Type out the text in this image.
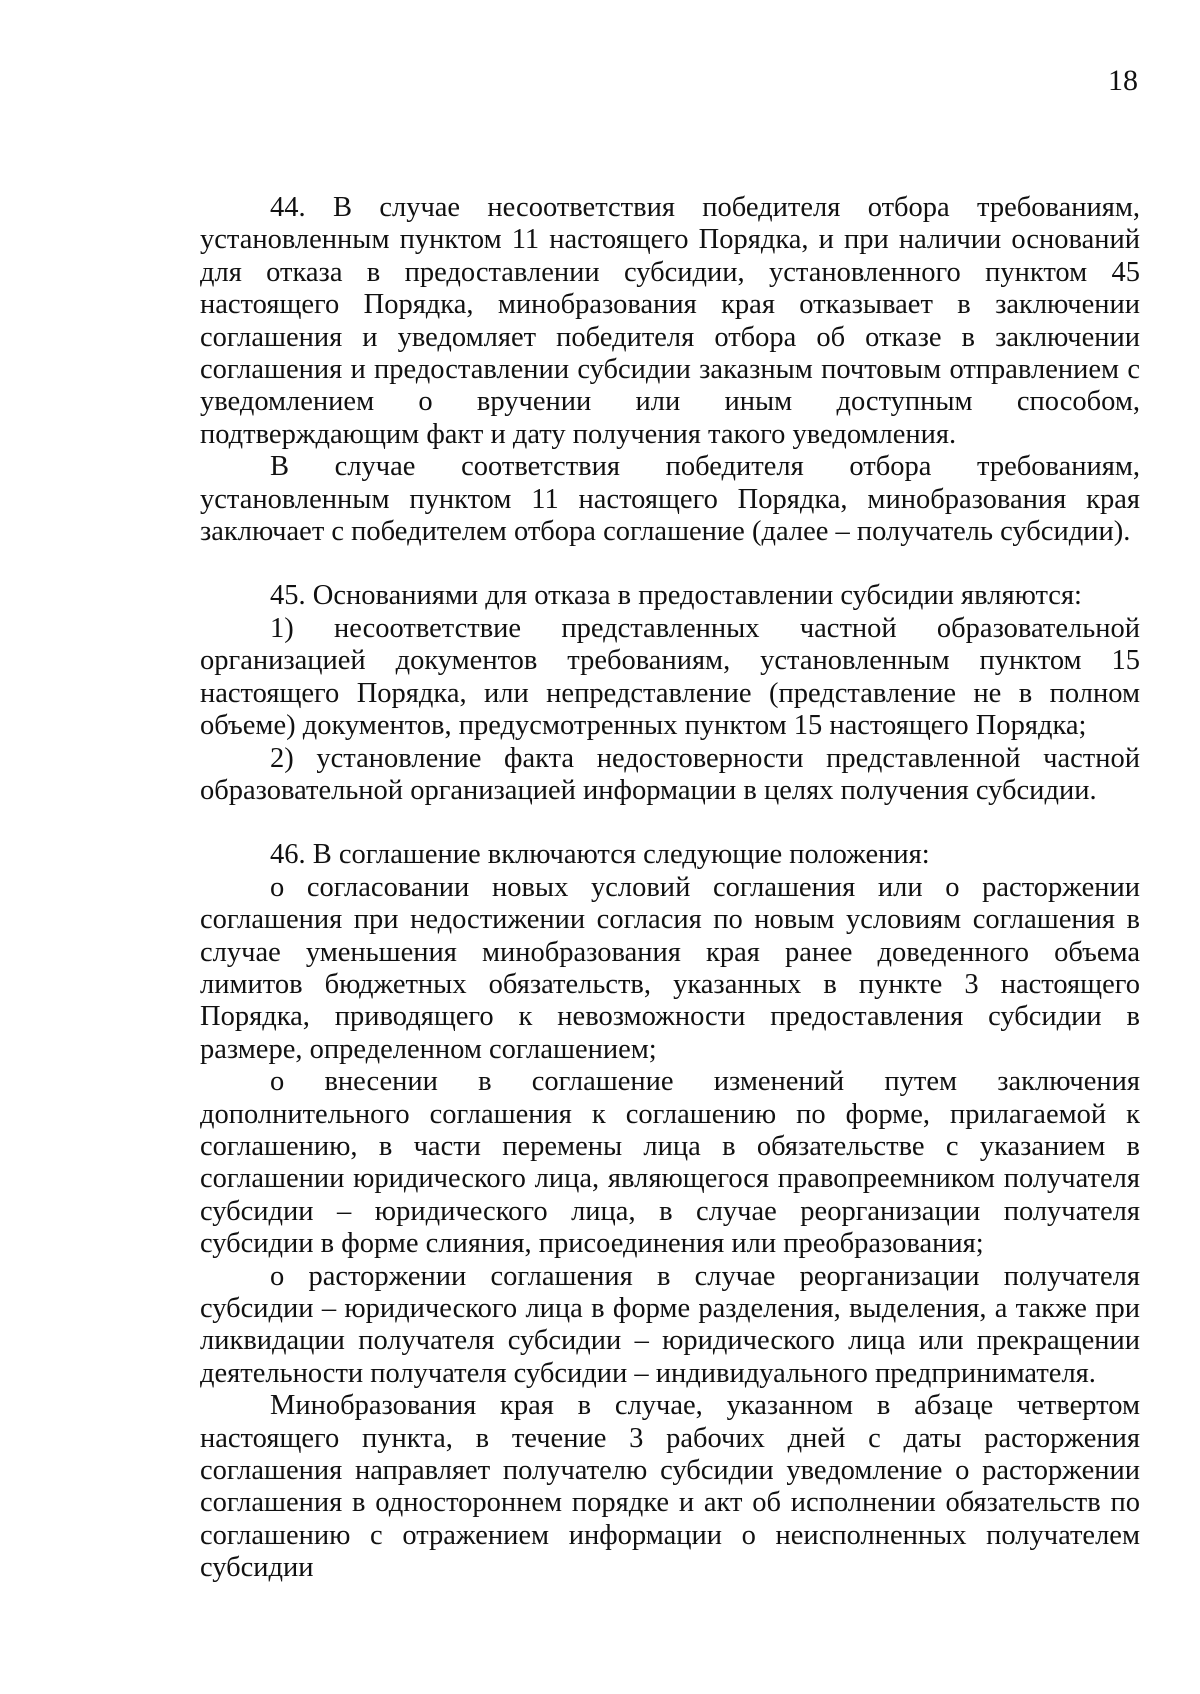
18

44. В случае несоответствия победителя отбора требованиям, установленным пунктом 11 настоящего Порядка, и при наличии оснований для отказа в предоставлении субсидии, установленного пунктом 45 настоящего Порядка, минобразования края отказывает в заключении соглашения и уведомляет победителя отбора об отказе в заключении соглашения и предоставлении субсидии заказным почтовым отправлением с уведомлением о вручении или иным доступным способом, подтверждающим факт и дату получения такого уведомления.

В случае соответствия победителя отбора требованиям, установленным пунктом 11 настоящего Порядка, минобразования края заключает с победителем отбора соглашение (далее – получатель субсидии).

45. Основаниями для отказа в предоставлении субсидии являются:

1) несоответствие представленных частной образовательной организацией документов требованиям, установленным пунктом 15 настоящего Порядка, или непредставление (представление не в полном объеме) документов, предусмотренных пунктом 15 настоящего Порядка;

2) установление факта недостоверности представленной частной образовательной организацией информации в целях получения субсидии.

46. В соглашение включаются следующие положения:

о согласовании новых условий соглашения или о расторжении соглашения при недостижении согласия по новым условиям соглашения в случае уменьшения минобразования края ранее доведенного объема лимитов бюджетных обязательств, указанных в пункте 3 настоящего Порядка, приводящего к невозможности предоставления субсидии в размере, определенном соглашением;

о внесении в соглашение изменений путем заключения дополнительного соглашения к соглашению по форме, прилагаемой к соглашению, в части перемены лица в обязательстве с указанием в соглашении юридического лица, являющегося правопреемником получателя субсидии – юридического лица, в случае реорганизации получателя субсидии в форме слияния, присоединения или преобразования;

о расторжении соглашения в случае реорганизации получателя субсидии – юридического лица в форме разделения, выделения, а также при ликвидации получателя субсидии – юридического лица или прекращении деятельности получателя субсидии – индивидуального предпринимателя.

Минобразования края в случае, указанном в абзаце четвертом настоящего пункта, в течение 3 рабочих дней с даты расторжения соглашения направляет получателю субсидии уведомление о расторжении соглашения в одностороннем порядке и акт об исполнении обязательств по соглашению с отражением информации о неисполненных получателем субсидии
